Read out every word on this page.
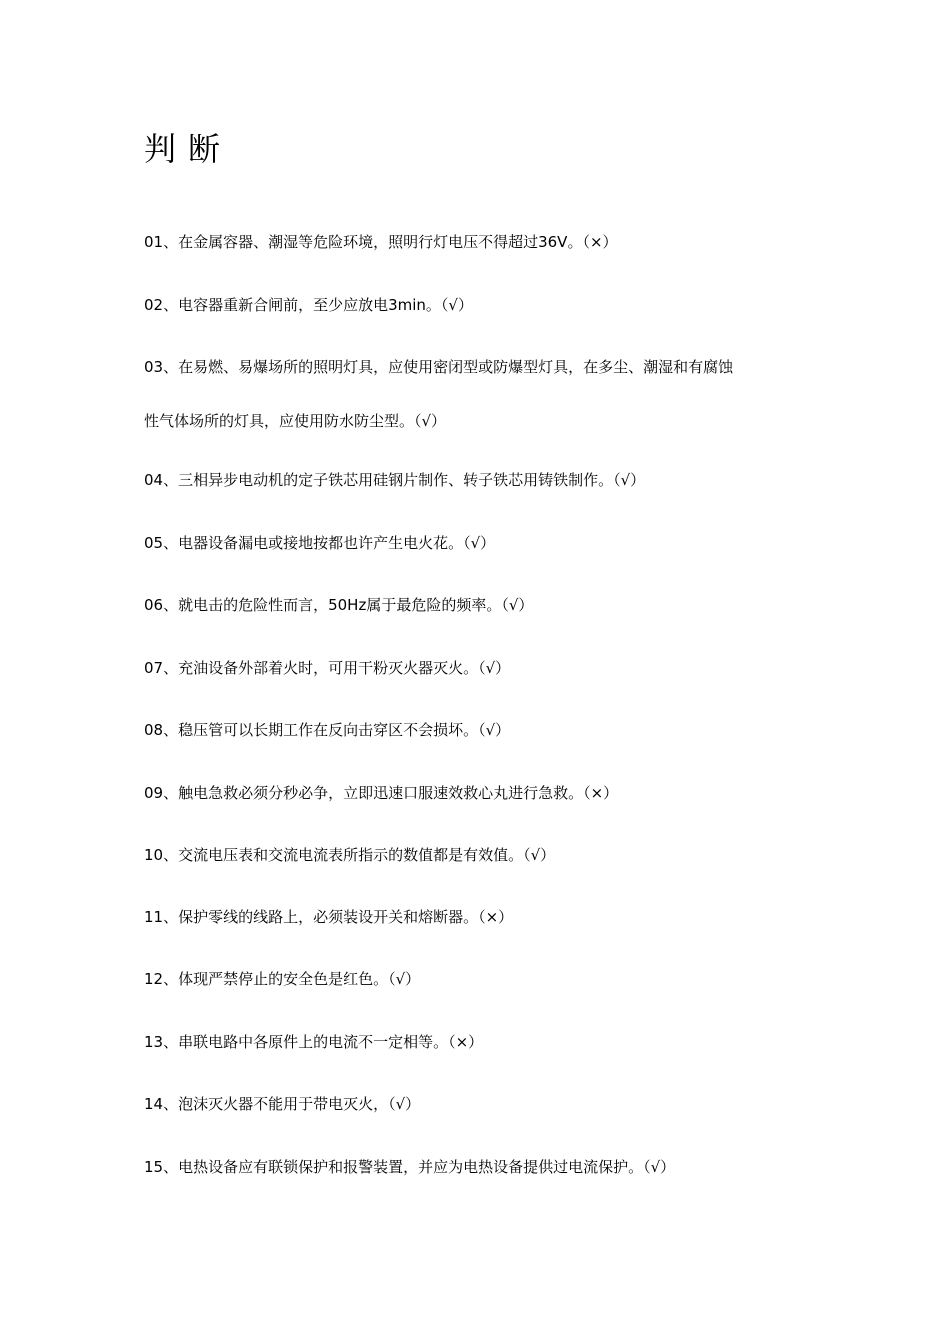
判断
01、在金属容器、潮湿等危险环境，照明行灯电压不得超过36V。（×）
02、电容器重新合闸前，至少应放电3min。（√）
03、在易燃、易爆场所的照明灯具，应使用密闭型或防爆型灯具，在多尘、潮湿和有腐蚀
性气体场所的灯具，应使用防水防尘型。（√）
04、三相异步电动机的定子铁芯用硅钢片制作、转子铁芯用铸铁制作。（√）
05、电器设备漏电或接地按都也许产生电火花。（√）
06、就电击的危险性而言，50Hz属于最危险的频率。（√）
07、充油设备外部着火时，可用干粉灭火器灭火。（√）
08、稳压管可以长期工作在反向击穿区不会损坏。（√）
09、触电急救必须分秒必争，立即迅速口服速效救心丸进行急救。（×）
10、交流电压表和交流电流表所指示的数值都是有效值。（√）
11、保护零线的线路上，必须装设开关和熔断器。（×）
12、体现严禁停止的安全色是红色。（√）
13、串联电路中各原件上的电流不一定相等。（×）
14、泡沫灭火器不能用于带电灭火，（√）
15、电热设备应有联锁保护和报警装置，并应为电热设备提供过电流保护。（√）
